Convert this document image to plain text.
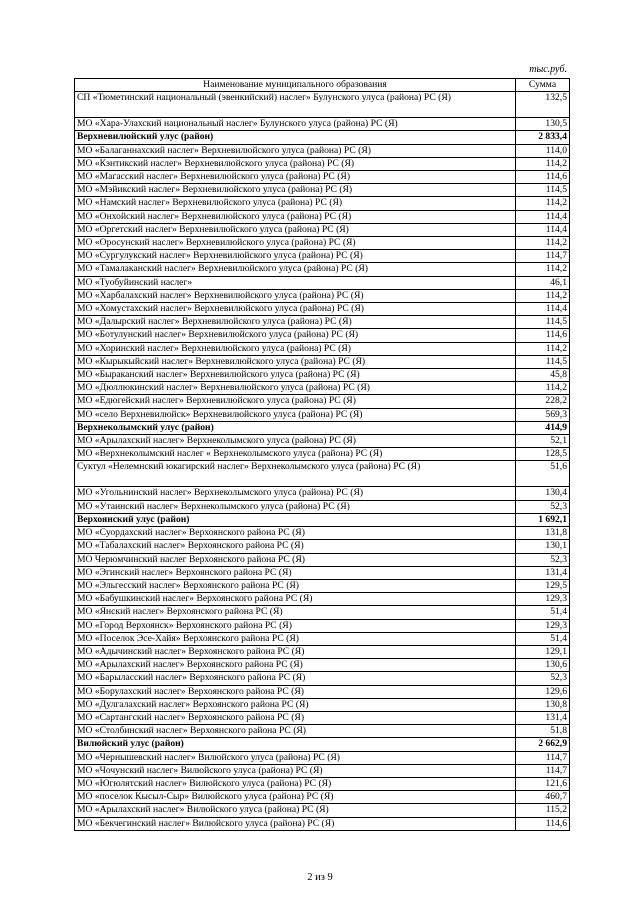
тыс.руб.
Наименование муниципального образования	Сумма
СП «Тюметинский национальный (эвенкийский) наслег» Булунского улуса (района) РС (Я)	132,5
МО «Хара-Улахский национальный наслег» Булунского улуса (района) РС (Я)	130,5
Верхневилюйский улус (район)	2 833,4
МО «Балаганнахский наслег» Верхневилюйского улуса (района) РС (Я)	114,0
МО «Кэнтикский наслег» Верхневилюйского улуса (района) РС (Я)	114,2
МО «Магасский наслег» Верхневилюйского улуса (района) РС (Я)	114,6
МО «Мэйикский наслег» Верхневилюйского улуса (района) РС (Я)	114,5
МО «Намский наслег» Верхневилюйского улуса (района) РС (Я)	114,2
МО «Онхойский наслег» Верхневилюйского улуса (района) РС (Я)	114,4
МО «Оргетский наслег» Верхневилюйского улуса (района) РС (Я)	114,4
МО «Оросунский наслег» Верхневилюйского улуса (района) РС (Я)	114,2
МО «Сургулукский наслег» Верхневилюйского улуса (района) РС (Я)	114,7
МО «Тамалаканский наслег» Верхневилюйского улуса (района) РС (Я)	114,2
МО «Туобуйинский наслег»	46,1
МО «Харбалахский наслег» Верхневилюйского улуса (района) РС (Я)	114,2
МО «Хомустахский наслег» Верхневилюйского улуса (района) РС (Я)	114,4
МО «Далырский наслег» Верхневилюйского улуса (района) РС (Я)	114,5
МО «Ботулунский наслег» Верхневилюйского улуса (района) РС (Я)	114,6
МО «Хоринский наслег» Верхневилюйского улуса (района) РС (Я)	114,2
МО «Кырыкыйский наслег» Верхневилюйского улуса (района) РС (Я)	114,5
МО «Быраканский наслег» Верхневилюйского улуса (района) РС (Я)	45,8
МО «Дюллюкинский наслег» Верхневилюйского улуса (района) РС (Я)	114,2
МО «Едюгейский наслег» Верхневилюйского улуса (района) РС (Я)	228,2
МО «село Верхневилюйск» Верхневилюйского улуса (района) РС (Я)	569,3
Верхнеколымский улус (район)	414,9
МО «Арылахский наслег» Верхнеколымского улуса (района) РС (Я)	52,1
МО «Верхнеколымский наслег « Верхнеколымского улуса (района) РС (Я)	128,5
Суктул «Нелемнский юкагирский наслег» Верхнеколымского улуса (района) РС (Я)	51,6
МО «Угольнинский наслег» Верхнеколымского улуса (района) РС (Я)	130,4
МО «Утаинский наслег» Верхнеколымского улуса (района) РС (Я)	52,3
Верхоянский улус (район)	1 692,1
МО «Суордахский наслег» Верхоянского района РС (Я)	131,8
МО «Табалахский наслег» Верхоянского района РС (Я)	130,1
МО Черюмчинский наслег Верхоянского района РС (Я)	52,3
МО «Эгинский наслег» Верхоянского района РС (Я)	131,4
МО «Эльгесский наслег» Верхоянского района РС (Я)	129,5
МО «Бабушкинский наслег» Верхоянского района РС (Я)	129,3
МО «Янский наслег» Верхоянского района РС (Я)	51,4
МО «Город Верхоянск» Верхоянского района РС (Я)	129,3
МО «Поселок Эсе-Хайя» Верхоянского района РС (Я)	51,4
МО «Адычинский наслег» Верхоянского района РС (Я)	129,1
МО «Арылахский наслег» Верхоянского района РС (Я)	130,6
МО «Барыласский наслег» Верхоянского района РС (Я)	52,3
МО «Борулахский наслег» Верхоянского района РС (Я)	129,6
МО «Дулгалахский наслег» Верхоянского района РС (Я)	130,8
МО «Сартангский наслег» Верхоянского района РС (Я)	131,4
МО «Столбинский наслег» Верхоянского района РС (Я)	51,8
Вилюйский улус (район)	2 662,9
МО «Чернышевский наслег» Вилюйского улуса (района) РС (Я)	114,7
МО «Чочунский наслег» Вилюйского улуса (района) РС (Я)	114,7
МО «Югюлятский наслег» Вилюйского улуса (района) РС (Я)	121,6
МО «поселок Кысыл-Сыр» Вилюйского улуса (района) РС (Я)	460,7
МО «Арылахский наслег» Вилюйского улуса (района) РС (Я)	115,2
МО «Бекчегинский наслег» Вилюйского улуса (района) РС (Я)	114,6
2 из 9
